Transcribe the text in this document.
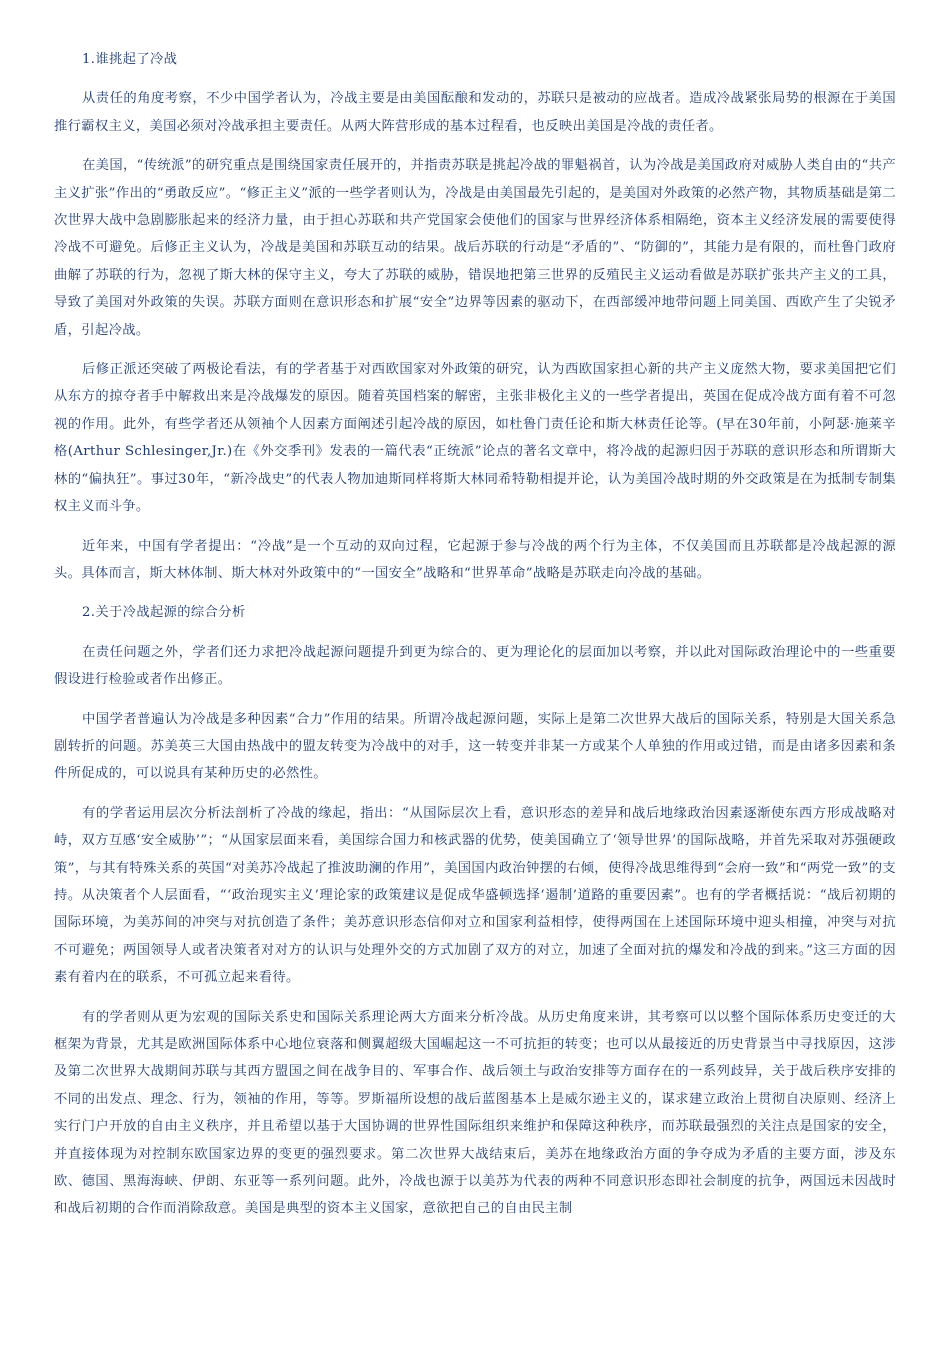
1.谁挑起了冷战

从责任的角度考察，不少中国学者认为，冷战主要是由美国酝酿和发动的，苏联只是被动的应战者。造成冷战紧张局势的根源在于美国推行霸权主义，美国必须对冷战承担主要责任。从两大阵营形成的基本过程看，也反映出美国是冷战的责任者。

在美国，“传统派”的研究重点是围绕国家责任展开的，并指责苏联是挑起冷战的罪魁祸首，认为冷战是美国政府对威胁人类自由的“共产主义扩张”作出的“勇敢反应”。“修正主义”派的一些学者则认为，冷战是由美国最先引起的，是美国对外政策的必然产物，其物质基础是第二次世界大战中急剧膨胀起来的经济力量，由于担心苏联和共产党国家会使他们的国家与世界经济体系相隔绝，资本主义经济发展的需要使得冷战不可避免。后修正主义认为，冷战是美国和苏联互动的结果。战后苏联的行动是“矛盾的”、“防御的”，其能力是有限的，而杜鲁门政府曲解了苏联的行为，忽视了斯大林的保守主义，夸大了苏联的威胁，错误地把第三世界的反殖民主义运动看做是苏联扩张共产主义的工具，导致了美国对外政策的失误。苏联方面则在意识形态和扩展“安全”边界等因素的驱动下，在西部缓冲地带问题上同美国、西欧产生了尖锐矛盾，引起冷战。

后修正派还突破了两极论看法，有的学者基于对西欧国家对外政策的研究，认为西欧国家担心新的共产主义庞然大物，要求美国把它们从东方的掠夺者手中解救出来是冷战爆发的原因。随着英国档案的解密，主张非极化主义的一些学者提出，英国在促成冷战方面有着不可忽视的作用。此外，有些学者还从领袖个人因素方面阐述引起冷战的原因，如杜鲁门责任论和斯大林责任论等。(早在30年前，小阿瑟·施莱辛格(Arthur Schlesinger,Jr.)在《外交季刊》发表的一篇代表“正统派”论点的著名文章中，将冷战的起源归因于苏联的意识形态和所谓斯大林的“偏执狂”。事过30年，“新冷战史”的代表人物加迪斯同样将斯大林同希特勒相提并论，认为美国冷战时期的外交政策是在为抵制专制集权主义而斗争。

近年来，中国有学者提出：“冷战”是一个互动的双向过程，它起源于参与冷战的两个行为主体，不仅美国而且苏联都是冷战起源的源头。具体而言，斯大林体制、斯大林对外政策中的“一国安全”战略和“世界革命”战略是苏联走向冷战的基础。

2.关于冷战起源的综合分析

在责任问题之外，学者们还力求把冷战起源问题提升到更为综合的、更为理论化的层面加以考察，并以此对国际政治理论中的一些重要假设进行检验或者作出修正。

中国学者普遍认为冷战是多种因素“合力”作用的结果。所谓冷战起源问题，实际上是第二次世界大战后的国际关系，特别是大国关系急剧转折的问题。苏美英三大国由热战中的盟友转变为冷战中的对手，这一转变并非某一方或某个人单独的作用或过错，而是由诸多因素和条件所促成的，可以说具有某种历史的必然性。

有的学者运用层次分析法剖析了冷战的缘起，指出：“从国际层次上看，意识形态的差异和战后地缘政治因素逐渐使东西方形成战略对峙，双方互感‘安全威胁’”；“从国家层面来看，美国综合国力和核武器的优势，使美国确立了‘领导世界’的国际战略，并首先采取对苏强硬政策”，与其有特殊关系的英国“对美苏冷战起了推波助澜的作用”，美国国内政治钟摆的右倾，使得冷战思维得到“会府一致”和“两党一致”的支持。从决策者个人层面看，“‘政治现实主义’理论家的政策建议是促成华盛顿选择‘遏制’道路的重要因素”。也有的学者概括说：“战后初期的国际环境，为美苏间的冲突与对抗创造了条件；美苏意识形态信仰对立和国家利益相悖，使得两国在上述国际环境中迎头相撞，冲突与对抗不可避免；两国领导人或者决策者对对方的认识与处理外交的方式加剧了双方的对立，加速了全面对抗的爆发和冷战的到来。”这三方面的因素有着内在的联系，不可孤立起来看待。

有的学者则从更为宏观的国际关系史和国际关系理论两大方面来分析冷战。从历史角度来讲，其考察可以以整个国际体系历史变迁的大框架为背景，尤其是欧洲国际体系中心地位衰落和侧翼超级大国崛起这一不可抗拒的转变；也可以从最接近的历史背景当中寻找原因，这涉及第二次世界大战期间苏联与其西方盟国之间在战争目的、军事合作、战后领土与政治安排等方面存在的一系列歧异，关于战后秩序安排的不同的出发点、理念、行为，领袖的作用，等等。罗斯福所设想的战后蓝图基本上是威尔逊主义的，谋求建立政治上贯彻自决原则、经济上实行门户开放的自由主义秩序，并且希望以基于大国协调的世界性国际组织来维护和保障这种秩序，而苏联最强烈的关注点是国家的安全，并直接体现为对控制东欧国家边界的变更的强烈要求。第二次世界大战结束后，美苏在地缘政治方面的争夺成为矛盾的主要方面，涉及东欧、德国、黑海海峡、伊朗、东亚等一系列问题。此外，冷战也源于以美苏为代表的两种不同意识形态即社会制度的抗争，两国远未因战时和战后初期的合作而消除敌意。美国是典型的资本主义国家，意欲把自己的自由民主制
